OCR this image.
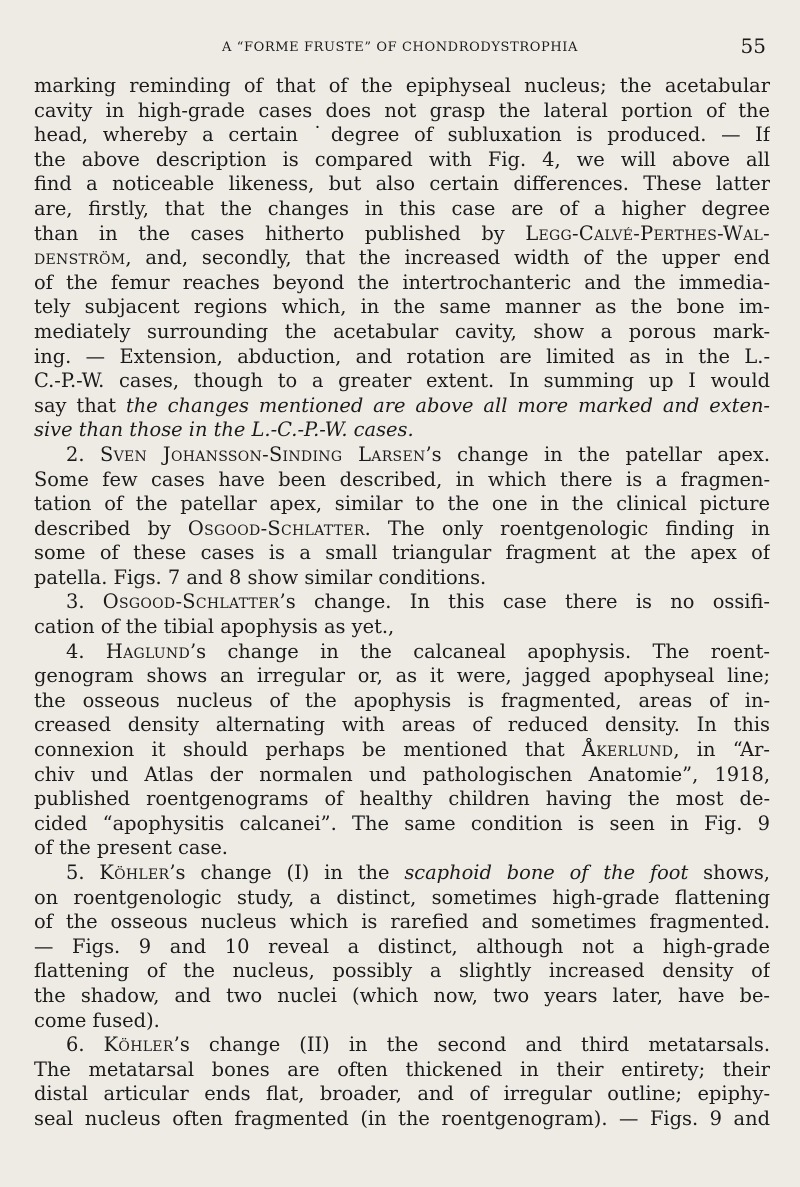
A “FORME FRUSTE” OF CHONDRODYSTROPHIA	55
marking reminding of that of the epiphyseal nucleus; the acetabular
cavity in high-grade cases does not grasp the lateral portion of the
head, whereby a certain ˙degree of subluxation is produced. — If
the above description is compared with Fig. 4, we will above all
find a noticeable likeness, but also certain differences. These latter
are, firstly, that the changes in this case are of a higher degree
than in the cases hitherto published by Legg-Calvé-Perthes-Wal-
denström, and, secondly, that the increased width of the upper end
of the femur reaches beyond the intertrochanteric and the immedia-
tely subjacent regions which, in the same manner as the bone im-
mediately surrounding the acetabular cavity, show a porous mark-
ing. — Extension, abduction, and rotation are limited as in the L.-
C.-P.-W. cases, though to a greater extent. In summing up I would
say that the changes mentioned are above all more marked and exten-
sive than those in the L.-C.-P.-W. cases.
2. Sven Johansson-Sinding Larsen’s change in the patellar apex.
Some few cases have been described, in which there is a fragmen-
tation of the patellar apex, similar to the one in the clinical picture
described by Osgood-Schlatter. The only roentgenologic finding in
some of these cases is a small triangular fragment at the apex of
patella. Figs. 7 and 8 show similar conditions.
3. Osgood-Schlatter’s change. In this case there is no ossifi-
cation of the tibial apophysis as yet.,
4. Haglund’s change in the calcaneal apophysis. The roent-
genogram shows an irregular or, as it were, jagged apophyseal line;
the osseous nucleus of the apophysis is fragmented, areas of in-
creased density alternating with areas of reduced density. In this
connexion it should perhaps be mentioned that Åkerlund, in “Ar-
chiv und Atlas der normalen und pathologischen Anatomie”, 1918,
published roentgenograms of healthy children having the most de-
cided “apophysitis calcanei”. The same condition is seen in Fig. 9
of the present case.
5. Köhler’s change (I) in the scaphoid bone of the foot shows,
on roentgenologic study, a distinct, sometimes high-grade flattening
of the osseous nucleus which is rarefied and sometimes fragmented.
— Figs. 9 and 10 reveal a distinct, although not a high-grade
flattening of the nucleus, possibly a slightly increased density of
the shadow, and two nuclei (which now, two years later, have be-
come fused).
6. Köhler’s change (II) in the second and third metatarsals.
The metatarsal bones are often thickened in their entirety; their
distal articular ends flat, broader, and of irregular outline; epiphy-
seal nucleus often fragmented (in the roentgenogram). — Figs. 9 and
